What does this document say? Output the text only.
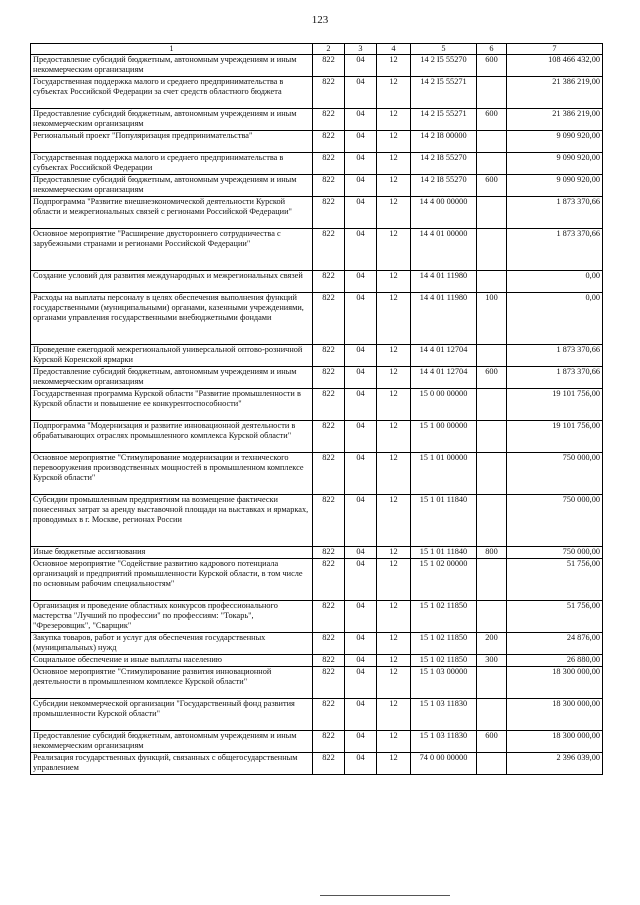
123
1	2	3	4	5	6	7
Предоставление субсидий бюджетным, автономным учреждениям и иным некоммерческим организациям	822	04	12	14 2 I5 55270	600	108 466 432,00
Государственная поддержка малого и среднего предпринимательства в субъектах Российской Федерации за счет средств областного бюджета	822	04	12	14 2 I5 55271		21 386 219,00
Предоставление субсидий бюджетным, автономным учреждениям и иным некоммерческим организациям	822	04	12	14 2 I5 55271	600	21 386 219,00
Региональный проект "Популяризация предпринимательства"	822	04	12	14 2 I8 00000		9 090 920,00
Государственная поддержка малого и среднего предпринимательства в субъектах Российской Федерации	822	04	12	14 2 I8 55270		9 090 920,00
Предоставление субсидий бюджетным, автономным учреждениям и иным некоммерческим организациям	822	04	12	14 2 I8 55270	600	9 090 920,00
Подпрограмма "Развитие внешнеэкономической деятельности Курской области и межрегиональных связей с регионами Российской Федерации"	822	04	12	14 4 00 00000		1 873 370,66
Основное мероприятие "Расширение двустороннего сотрудничества с зарубежными странами и регионами Российской Федерации"	822	04	12	14 4 01 00000		1 873 370,66
Создание условий для развития международных и межрегиональных связей	822	04	12	14 4 01 11980		0,00
Расходы на выплаты персоналу в целях обеспечения выполнения функций государственными (муниципальными) органами, казенными учреждениями, органами управления государственными внебюджетными фондами	822	04	12	14 4 01 11980	100	0,00
Проведение ежегодной межрегиональной универсальной оптово-розничной Курской Коренской ярмарки	822	04	12	14 4 01 12704		1 873 370,66
Предоставление субсидий бюджетным, автономным учреждениям и иным некоммерческим организациям	822	04	12	14 4 01 12704	600	1 873 370,66
Государственная программа Курской области "Развитие промышленности в Курской области и повышение ее конкурентоспособности"	822	04	12	15 0 00 00000		19 101 756,00
Подпрограмма "Модернизация и развитие инновационной деятельности в обрабатывающих отраслях промышленного комплекса Курской области"	822	04	12	15 1 00 00000		19 101 756,00
Основное мероприятие "Стимулирование модернизации и технического перевооружения производственных мощностей в промышленном комплексе Курской области"	822	04	12	15 1 01 00000		750 000,00
Субсидии промышленным предприятиям на возмещение фактически понесенных затрат за аренду выставочной площади на выставках и ярмарках, проводимых в г. Москве, регионах России	822	04	12	15 1 01 11840		750 000,00
Иные бюджетные ассигнования	822	04	12	15 1 01 11840	800	750 000,00
Основное мероприятие "Содействие развитию кадрового потенциала организаций и предприятий промышленности Курской области, в том числе по основным рабочим специальностям"	822	04	12	15 1 02 00000		51 756,00
Организация и проведение областных конкурсов профессионального мастерства "Лучший по профессии" по профессиям: "Токарь", "Фрезеровщик", "Сварщик"	822	04	12	15 1 02 11850		51 756,00
Закупка товаров, работ и услуг для обеспечения государственных (муниципальных) нужд	822	04	12	15 1 02 11850	200	24 876,00
Социальное обеспечение и иные выплаты населению	822	04	12	15 1 02 11850	300	26 880,00
Основное мероприятие "Стимулирование развития инновационной деятельности в промышленном комплексе Курской области"	822	04	12	15 1 03 00000		18 300 000,00
Субсидии некоммерческой организации "Государственный фонд развития промышленности Курской области"	822	04	12	15 1 03 11830		18 300 000,00
Предоставление субсидий бюджетным, автономным учреждениям и иным некоммерческим организациям	822	04	12	15 1 03 11830	600	18 300 000,00
Реализация государственных функций, связанных с общегосударственным управлением	822	04	12	74 0 00 00000		2 396 039,00
